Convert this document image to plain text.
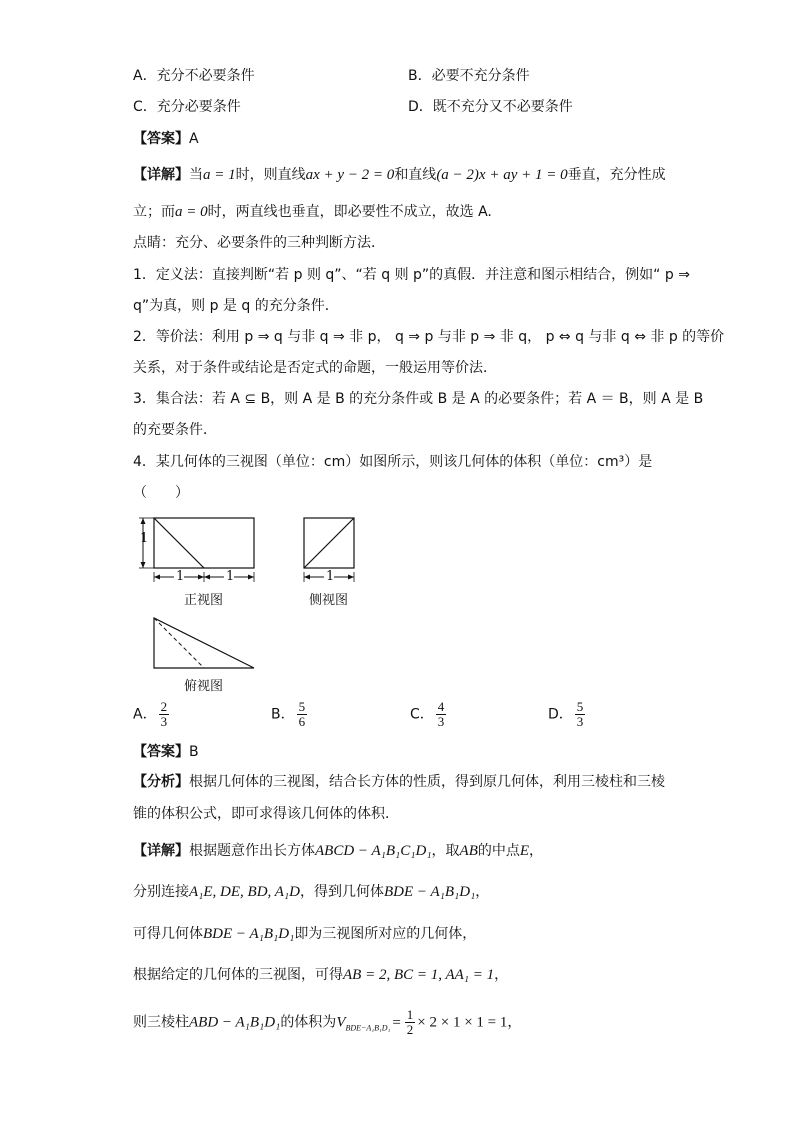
A．充分不必要条件	B．必要不充分条件
C．充分必要条件	D．既不充分又不必要条件
【答案】A
【详解】当a = 1时，则直线ax + y − 2 = 0和直线(a − 2)x + ay + 1 = 0垂直，充分性成
立；而a = 0时，两直线也垂直，即必要性不成立，故选 A.
点睛：充分、必要条件的三种判断方法．
1．定义法：直接判断“若 p 则 q”、“若 q 则 p”的真假．并注意和图示相结合，例如“ p ⇒
q”为真，则 p 是 q 的充分条件．
2．等价法：利用 p ⇒ q 与非 q ⇒ 非 p， q ⇒ p 与非 p ⇒ 非 q， p ⇔ q 与非 q ⇔ 非 p 的等价
关系，对于条件或结论是否定式的命题，一般运用等价法．
3．集合法：若 A ⊆ B，则 A 是 B 的充分条件或 B 是 A 的必要条件；若 A ＝ B，则 A 是 B
的充要条件．
4．某几何体的三视图（单位：cm）如图所示，则该几何体的体积（单位：cm³）是
（　　）
1
1	1
正视图
1
侧视图
俯视图
A． $\frac{2}{3}$	B． $\frac{5}{6}$	C． $\frac{4}{3}$	D． $\frac{5}{3}$
【答案】B
【分析】根据几何体的三视图，结合长方体的性质，得到原几何体，利用三棱柱和三棱
锥的体积公式，即可求得该几何体的体积.
【详解】根据题意作出长方体ABCD − A₁B₁C₁D₁，取AB的中点E，
分别连接A₁E, DE, BD, A₁D，得到几何体BDE − A₁B₁D₁，
可得几何体BDE − A₁B₁D₁即为三视图所对应的几何体，
根据给定的几何体的三视图，可得AB = 2, BC = 1, AA₁ = 1，
则三棱柱ABD − A₁B₁D₁的体积为$V_{BDE-A_1B_1D_1} = \frac{1}{2} \times 2 \times 1 \times 1 = 1$，
